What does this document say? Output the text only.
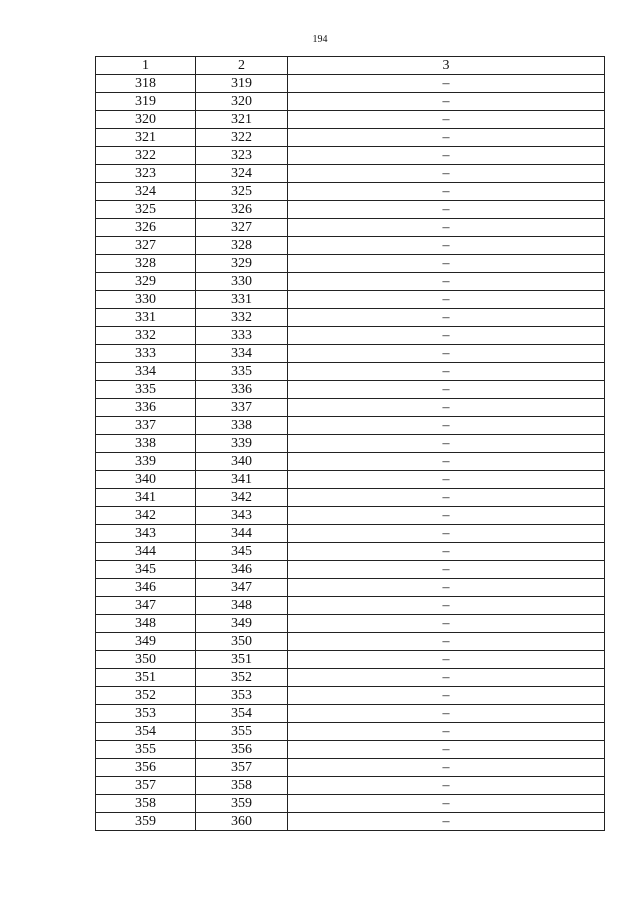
194
1	2	3
318	319	–
319	320	–
320	321	–
321	322	–
322	323	–
323	324	–
324	325	–
325	326	–
326	327	–
327	328	–
328	329	–
329	330	–
330	331	–
331	332	–
332	333	–
333	334	–
334	335	–
335	336	–
336	337	–
337	338	–
338	339	–
339	340	–
340	341	–
341	342	–
342	343	–
343	344	–
344	345	–
345	346	–
346	347	–
347	348	–
348	349	–
349	350	–
350	351	–
351	352	–
352	353	–
353	354	–
354	355	–
355	356	–
356	357	–
357	358	–
358	359	–
359	360	–
